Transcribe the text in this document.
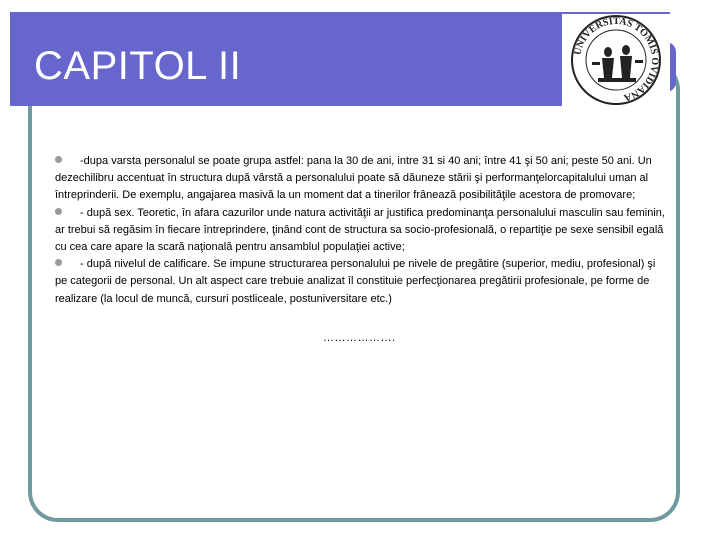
CAPITOL II	UNIVERSITAS TOMIS OVIDIANA

-dupa varsta personalul se poate grupa astfel: pana la 30 de ani, intre 31 si 40 ani; între 41 şi 50 ani; peste 50 ani. Un dezechilibru accentuat în structura după vârstă a personalului poate să dăuneze stării şi performanţelorcapitalului uman al întreprinderii. De exemplu, angajarea masivă la un moment dat a tinerilor frânează posibilităţile acestora de promovare;

- după sex. Teoretic, în afara cazurilor unde natura activităţii ar justifica predominanţa personalului masculin sau feminin, ar trebui să regăsim în fiecare întreprindere, ţinând cont de structura sa socio-profesională, o repartiţie pe sexe sensibil egală cu cea care apare la scară naţională pentru ansamblul populaţiei active;

- după nivelul de calificare. Se impune structurarea personalului pe nivele de pregătire (superior, mediu, profesional) şi pe categorii de personal. Un alt aspect care trebuie analizat îl constituie perfecţionarea pregătirii profesionale, pe forme de realizare (la locul de muncă, cursuri postliceale, postuniversitare etc.)

……………….
